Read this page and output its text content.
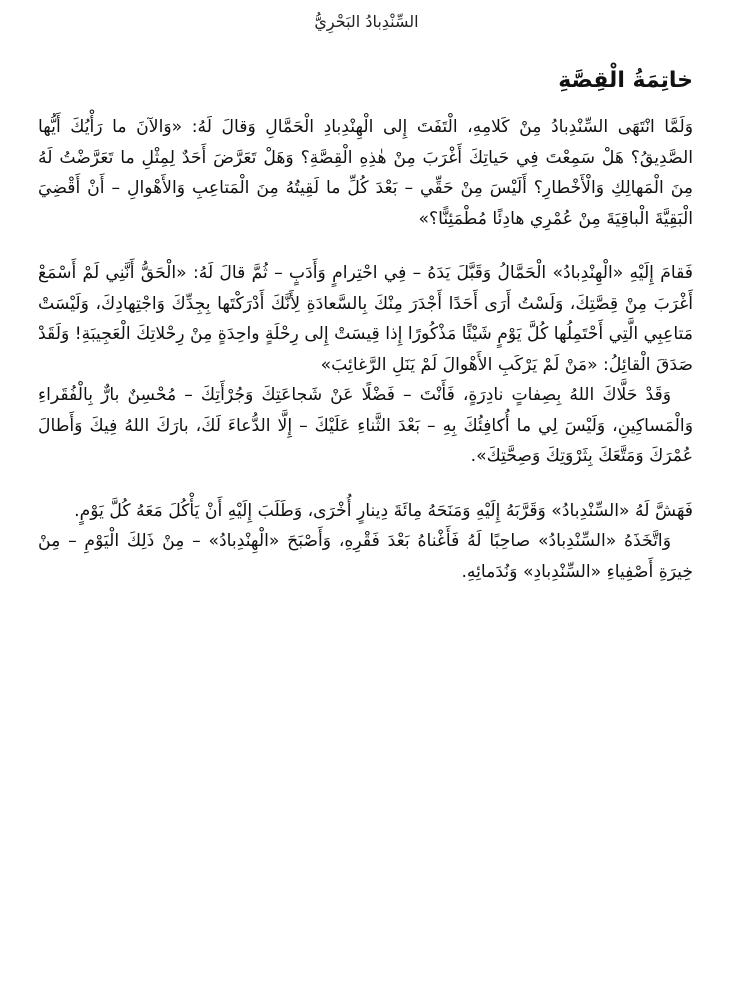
السِّنْدِبادُ البَحْرِيُّ
خاتِمَةُ الْقِصَّةِ

وَلَمَّا انْتَهَى السِّنْدِبادُ مِنْ كَلامِهِ، الْتَفَتَ إِلى الْهِنْدِبادِ الْحَمَّالِ وَقالَ لَهُ: «وَالآنَ ما رَأْيُكَ أَيُّها الصَّدِيقُ؟ هَلْ سَمِعْتَ فِي حَياتِكَ أَغْرَبَ مِنْ هٰذِهِ الْقِصَّةِ؟ وَهَلْ تَعَرَّضَ أَحَدٌ لِمِثْلِ ما تَعَرَّضْتُ لَهُ مِنَ الْمَهالِكِ وَالْأَخْطارِ؟ أَلَيْسَ مِنْ حَقِّي – بَعْدَ كُلِّ ما لَقِيتُهُ مِنَ الْمَتاعِبِ وَالأَهْوالِ – أَنْ أَقْضِيَ الْبَقِيَّةَ الْباقِيَةَ مِنْ عُمْرِي هادِئًا مُطْمَئِنًّا؟»

فَقامَ إِلَيْهِ «الْهِنْدِبادُ» الْحَمَّالُ وَقَبَّلَ يَدَهُ – فِي احْتِرامٍ وَأَدَبٍ – ثُمَّ قالَ لَهُ: «الْحَقُّ أَنَّنِي لَمْ أَسْمَعْ أَغْرَبَ مِنْ قِصَّتِكَ، وَلَسْتُ أَرَى أَحَدًا أَجْدَرَ مِنْكَ بِالسَّعادَةِ لِأَنَّكَ أَدْرَكْتَها بِجِدِّكَ وَاجْتِهادِكَ، وَلَيْسَتْ مَتاعِبِي الَّتِي أَحْتَمِلُها كُلَّ يَوْمٍ شَيْئًا مَذْكُورًا إِذا قِيسَتْ إِلى رِحْلَةٍ واحِدَةٍ مِنْ رِحْلاتِكَ الْعَجِيبَةِ! وَلَقَدْ صَدَقَ الْقائِلُ: «مَنْ لَمْ يَرْكَبِ الأَهْوالَ لَمْ يَنَلِ الرَّغائِبَ»

وَقَدْ حَلَّاكَ اللهُ بِصِفاتٍ نادِرَةٍ، فَأَنْتَ – فَضْلًا عَنْ شَجاعَتِكَ وَجُرْأَتِكَ – مُحْسِنٌ بارٌّ بِالْفُقَراءِ وَالْمَساكِينِ، وَلَيْسَ لِي ما أُكافِئُكَ بِهِ – بَعْدَ الثَّناءِ عَلَيْكَ – إِلَّا الدُّعاءَ لَكَ، بارَكَ اللهُ فِيكَ وَأَطالَ عُمْرَكَ وَمَتَّعَكَ بِثَرْوَتِكَ وَصِحَّتِكَ».

فَهَشَّ لَهُ «السِّنْدِبادُ» وَقَرَّبَهُ إِلَيْهِ وَمَنَحَهُ مِائَةَ دِينارٍ أُخْرَى، وَطَلَبَ إِلَيْهِ أَنْ يَأْكُلَ مَعَهُ كُلَّ يَوْمٍ.

وَاتَّخَذَهُ «السِّنْدِبادُ» صاحِبًا لَهُ فَأَغْناهُ بَعْدَ فَقْرِهِ، وَأَصْبَحَ «الْهِنْدِبادُ» – مِنْ ذَلِكَ الْيَوْمِ – مِنْ خِيرَةِ أَصْفِياءِ «السِّنْدِبادِ» وَنُدَمائِهِ.
